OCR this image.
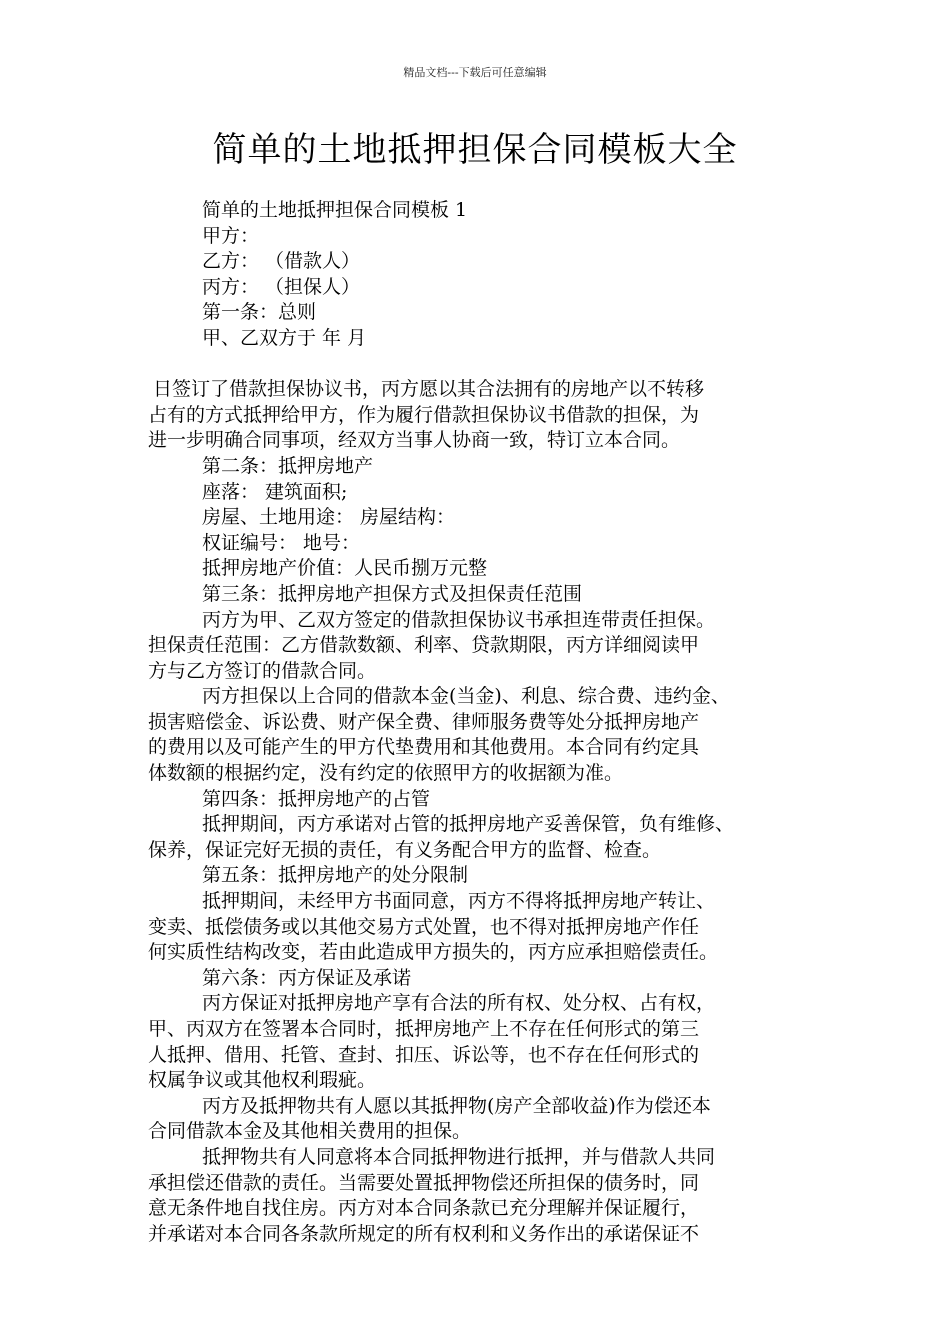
精品文档---下载后可任意编辑
简单的土地抵押担保合同模板大全

简单的土地抵押担保合同模板 1

甲方：

乙方： （借款人）

丙方： （担保人）

第一条：总则

甲、乙双方于 年 月

日签订了借款担保协议书，丙方愿以其合法拥有的房地产以不转移

占有的方式抵押给甲方，作为履行借款担保协议书借款的担保，为

进一步明确合同事项，经双方当事人协商一致，特订立本合同。

第二条：抵押房地产

座落： 建筑面积;

房屋、土地用途： 房屋结构：

权证编号： 地号：

抵押房地产价值：人民币捌万元整

第三条：抵押房地产担保方式及担保责任范围

丙方为甲、乙双方签定的借款担保协议书承担连带责任担保。

担保责任范围：乙方借款数额、利率、贷款期限，丙方详细阅读甲

方与乙方签订的借款合同。

丙方担保以上合同的借款本金(当金)、利息、综合费、违约金、

损害赔偿金、诉讼费、财产保全费、律师服务费等处分抵押房地产

的费用以及可能产生的甲方代垫费用和其他费用。本合同有约定具

体数额的根据约定，没有约定的依照甲方的收据额为准。

第四条：抵押房地产的占管

抵押期间，丙方承诺对占管的抵押房地产妥善保管，负有维修、

保养，保证完好无损的责任，有义务配合甲方的监督、检查。

第五条：抵押房地产的处分限制

抵押期间，未经甲方书面同意，丙方不得将抵押房地产转让、

变卖、抵偿债务或以其他交易方式处置，也不得对抵押房地产作任

何实质性结构改变，若由此造成甲方损失的，丙方应承担赔偿责任。

第六条：丙方保证及承诺

丙方保证对抵押房地产享有合法的所有权、处分权、占有权，

甲、丙双方在签署本合同时，抵押房地产上不存在任何形式的第三

人抵押、借用、托管、查封、扣压、诉讼等，也不存在任何形式的

权属争议或其他权利瑕疵。

丙方及抵押物共有人愿以其抵押物(房产全部收益)作为偿还本

合同借款本金及其他相关费用的担保。

抵押物共有人同意将本合同抵押物进行抵押，并与借款人共同

承担偿还借款的责任。当需要处置抵押物偿还所担保的债务时，同

意无条件地自找住房。丙方对本合同条款已充分理解并保证履行，

并承诺对本合同各条款所规定的所有权利和义务作出的承诺保证不
